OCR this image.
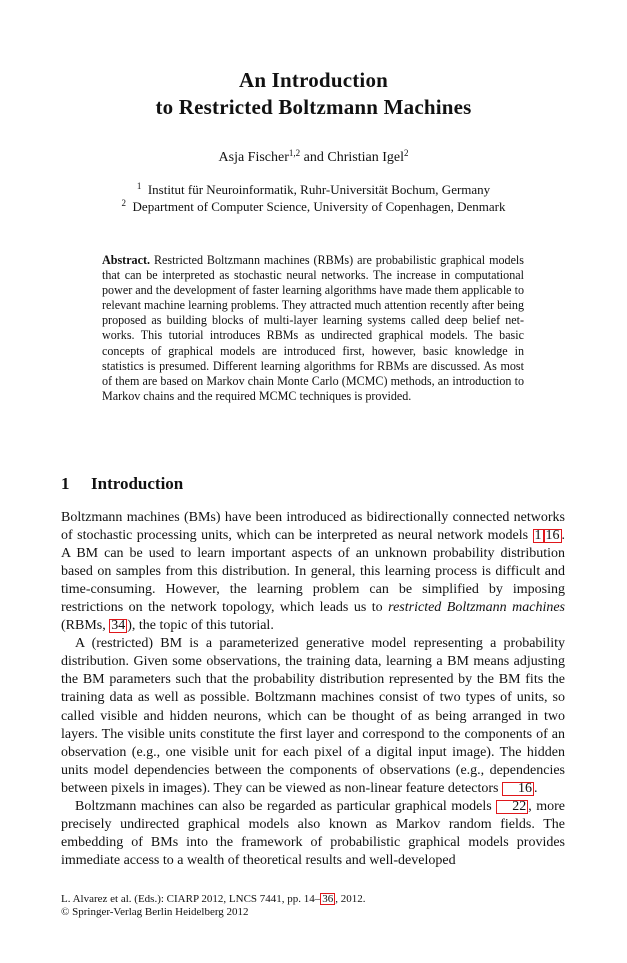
An Introduction
to Restricted Boltzmann Machines
Asja Fischer$^{1,2}$ and Christian Igel$^2$
$^1$ Institut für Neuroinformatik, Ruhr-Universität Bochum, Germany
$^2$ Department of Computer Science, University of Copenhagen, Denmark
Abstract. Restricted Boltzmann machines (RBMs) are probabilistic graphical models that can be interpreted as stochastic neural networks. The increase in computational power and the development of faster learning algorithms have made them applicable to relevant machine learning problems. They attracted much attention recently after being proposed as building blocks of multi-layer learning systems called deep belief networks. This tutorial introduces RBMs as undirected graphical models. The basic concepts of graphical models are introduced first, however, basic knowledge in statistics is presumed. Different learning algorithms for RBMs are discussed. As most of them are based on Markov chain Monte Carlo (MCMC) methods, an introduction to Markov chains and the required MCMC techniques is provided.
1 Introduction

Boltzmann machines (BMs) have been introduced as bidirectionally connected networks of stochastic processing units, which can be interpreted as neural network models 1 16 . A BM can be used to learn important aspects of an unknown probability distribution based on samples from this distribution. In general, this learning process is difficult and time-consuming. However, the learning problem can be simplified by imposing restrictions on the network topology, which leads us to restricted Boltzmann machines (RBMs, 34 ), the topic of this tutorial.

A (restricted) BM is a parameterized generative model representing a probability distribution. Given some observations, the training data, learning a BM means adjusting the BM parameters such that the probability distribution represented by the BM fits the training data as well as possible. Boltzmann machines consist of two types of units, so called visible and hidden neurons, which can be thought of as being arranged in two layers. The visible units constitute the first layer and correspond to the components of an observation (e.g., one visible unit for each pixel of a digital input image). The hidden units model dependencies between the components of observations (e.g., dependencies between pixels in images). They can be viewed as non-linear feature detectors 16 .

Boltzmann machines can also be regarded as particular graphical models 22 , more precisely undirected graphical models also known as Markov random fields. The embedding of BMs into the framework of probabilistic graphical models provides immediate access to a wealth of theoretical results and well-developed

L. Alvarez et al. (Eds.): CIARP 2012, LNCS 7441, pp. 14– 36 , 2012.
© Springer-Verlag Berlin Heidelberg 2012
